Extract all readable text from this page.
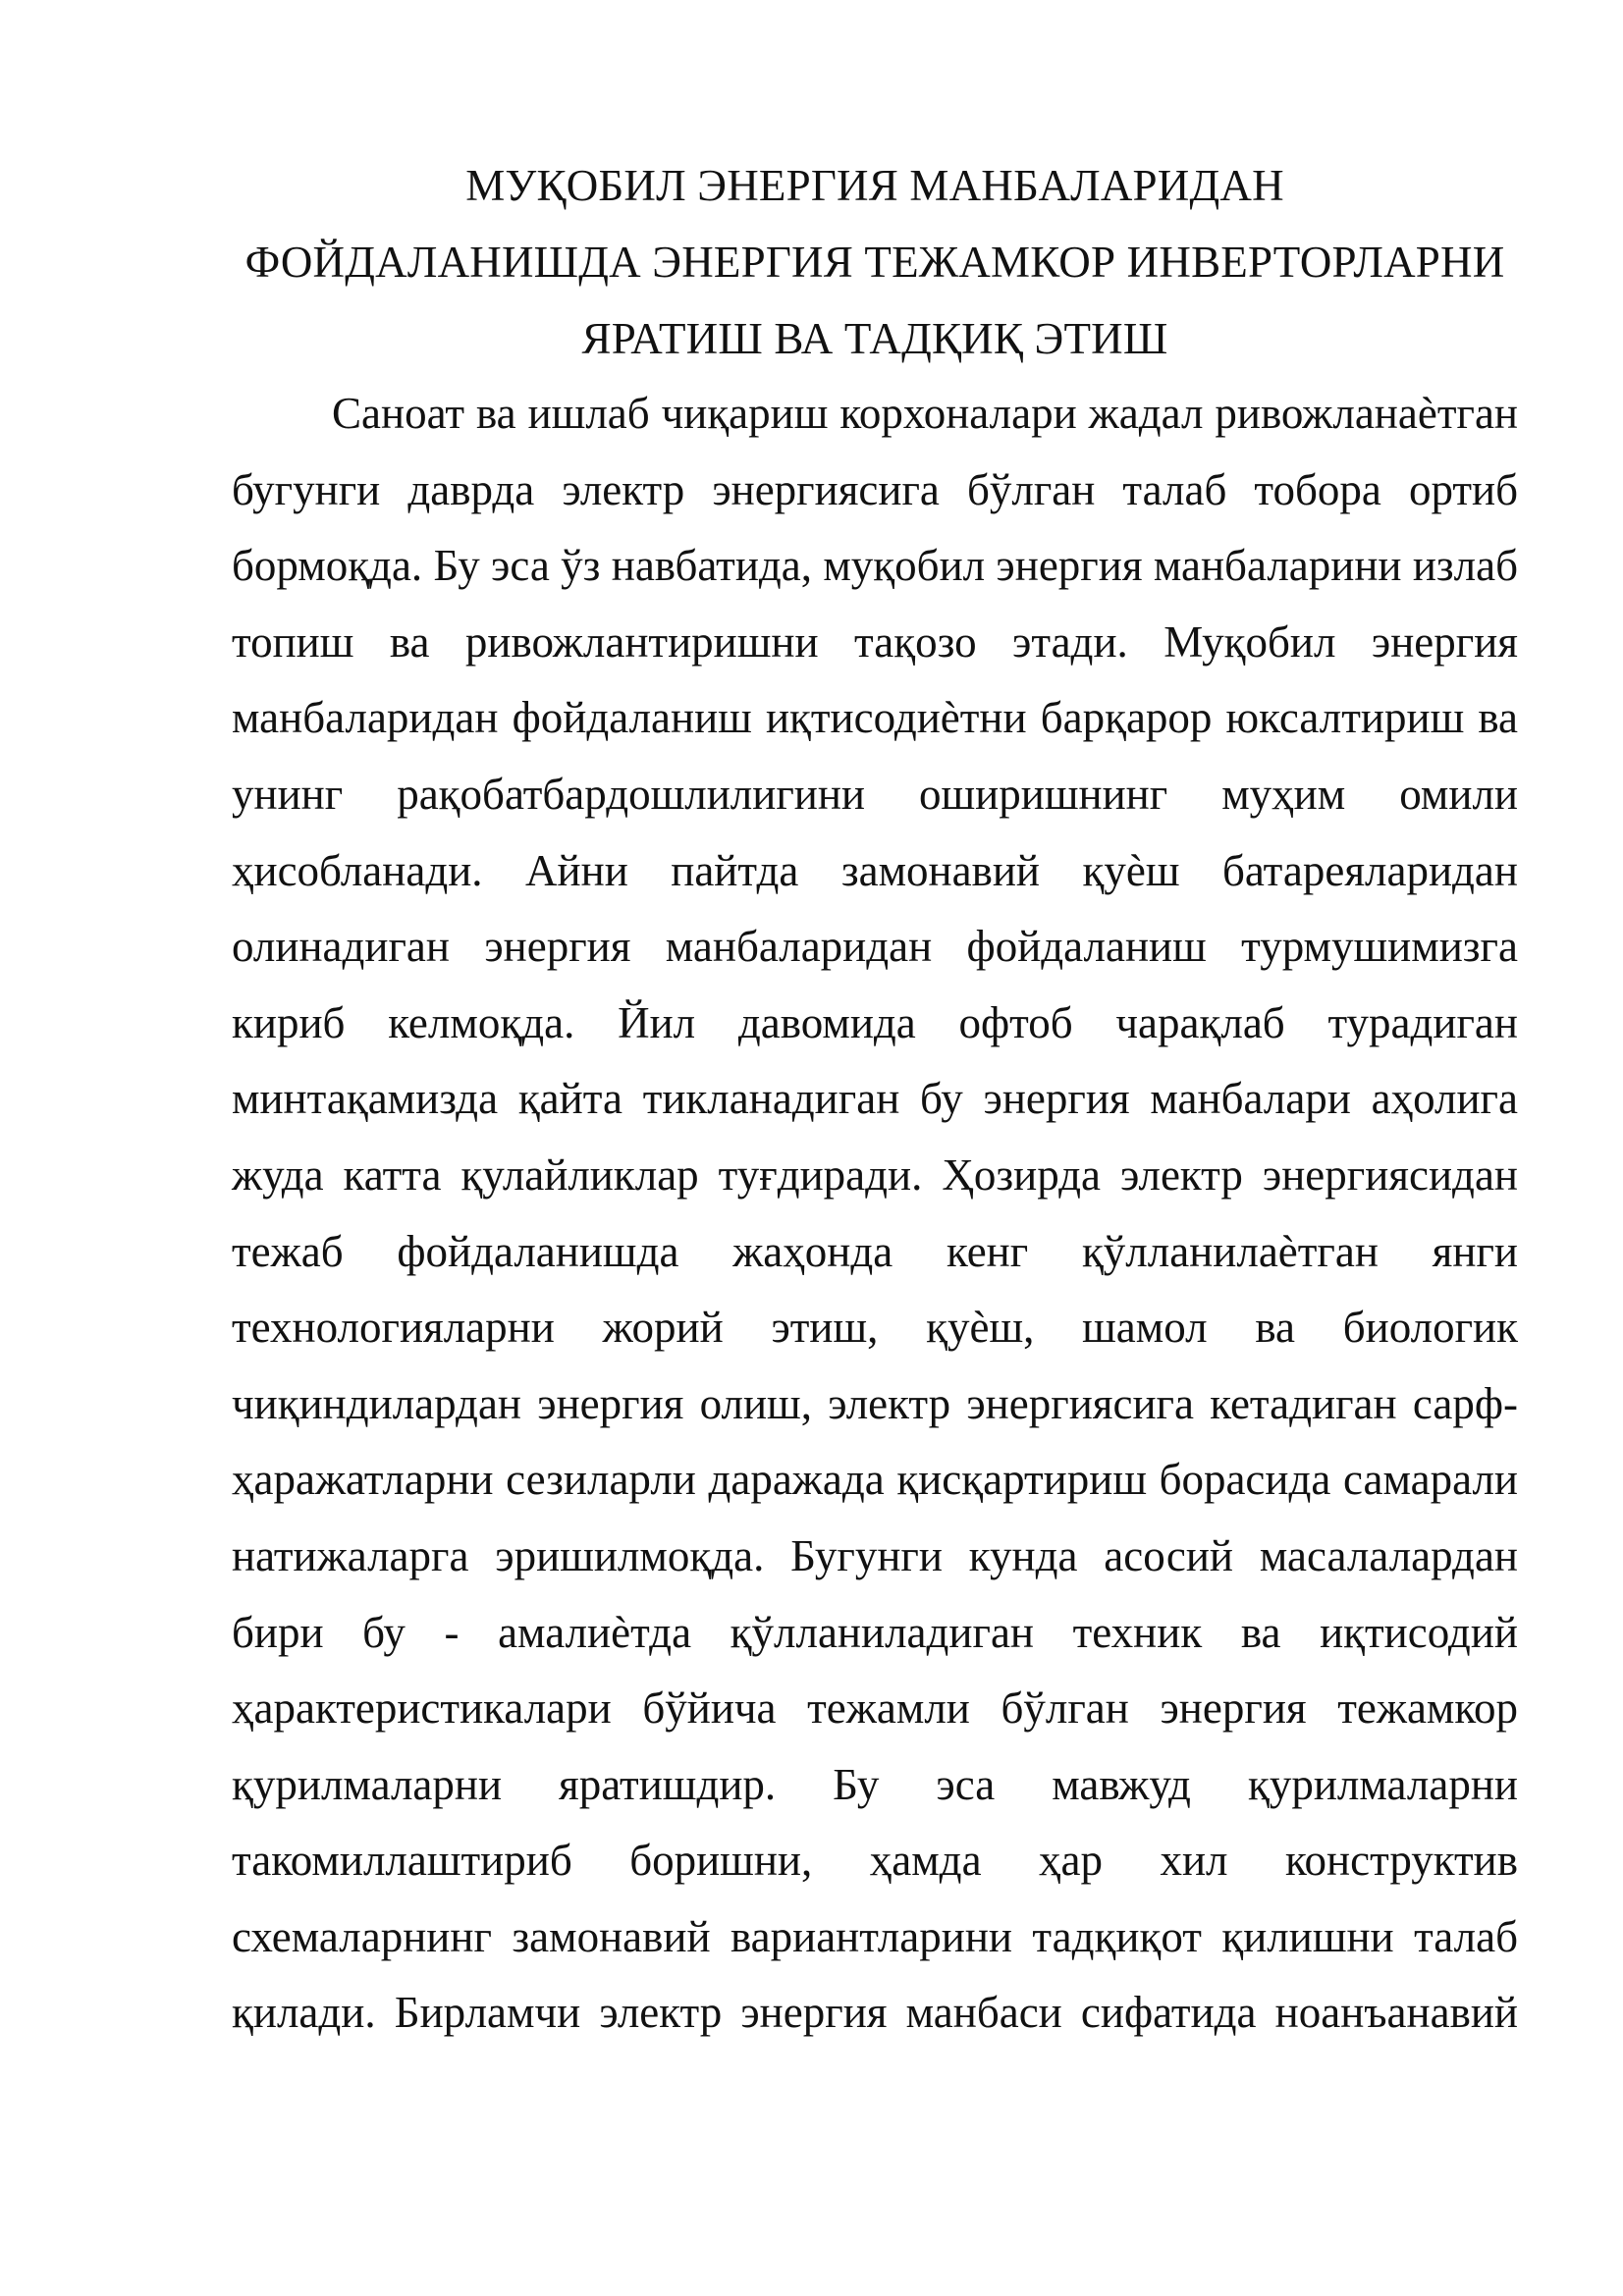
МУҚОБИЛ ЭНЕРГИЯ МАНБАЛАРИДАН
ФОЙДАЛАНИШДА ЭНЕРГИЯ ТЕЖАМКОР ИНВЕРТОРЛАРНИ
ЯРАТИШ ВА ТАДҚИҚ ЭТИШ
Саноат ва ишлаб чиқариш корхоналари жадал ривожланаѐтган
бугунги даврда электр энергиясига бўлган талаб тобора ортиб
бормоқда. Бу эса ўз навбатида, муқобил энергия манбаларини излаб
топиш ва ривожлантиришни тақозо этади. Муқобил энергия
манбаларидан фойдаланиш иқтисодиѐтни барқарор юксалтириш ва
унинг рақобатбардошлилигини оширишнинг муҳим омили
ҳисобланади. Айни пайтда замонавий қуѐш батареяларидан
олинадиган энергия манбаларидан фойдаланиш турмушимизга
кириб келмоқда. Йил давомида офтоб чарақлаб турадиган
минтақамизда қайта тикланадиган бу энергия манбалари аҳолига
жуда катта қулайликлар туғдиради. Ҳозирда электр энергиясидан
тежаб фойдаланишда жаҳонда кенг қўлланилаѐтган янги
технологияларни жорий этиш, қуѐш, шамол ва биологик
чиқиндилардан энергия олиш, электр энергиясига кетадиган сарф-
ҳаражатларни сезиларли даражада қисқартириш борасида самарали
натижаларга эришилмоқда. Бугунги кунда асосий масалалардан
бири бу - амалиѐтда қўлланиладиган техник ва иқтисодий
ҳарактеристикалари бўйича тежамли бўлган энергия тежамкор
қурилмаларни яратишдир. Бу эса мавжуд қурилмаларни
такомиллаштириб боришни, ҳамда ҳар хил конструктив
схемаларнинг замонавий вариантларини тадқиқот қилишни талаб
қилади. Бирламчи электр энергия манбаси сифатида ноанъанавий
